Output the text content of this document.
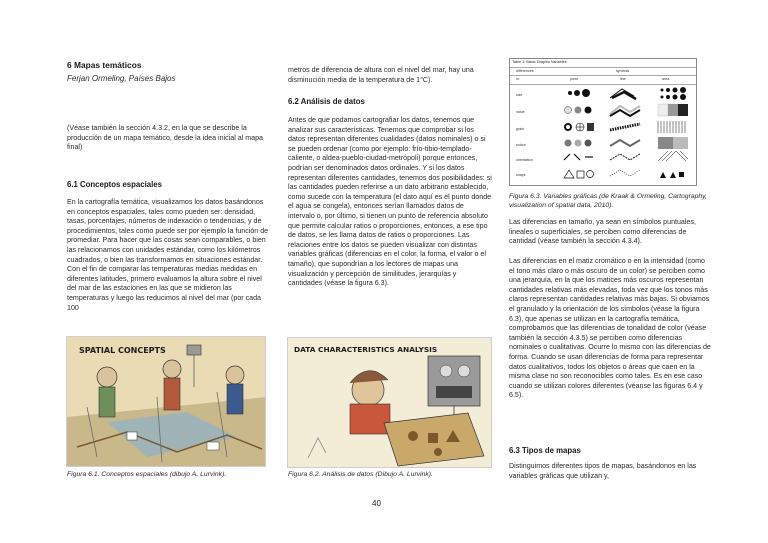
6 Mapas temáticos
Ferjan Ormeling, Países Bajos

(Véase también la sección 4.3.2, en la que se describe la producción de un mapa temático, desde la idea inicial al mapa final)

6.1 Conceptos espaciales

En la cartografía temática, visualizamos los datos basándonos en conceptos espaciales, tales como pueden ser: densidad, tasas, porcentajes, números de indexación o tendencias, y de procedimientos, tales como puede ser por ejemplo la función de promediar. Para hacer que las cosas sean comparables, o bien las relacionamos con unidades estándar, como los kilómetros cuadrados, o bien las transformamos en situaciones estándar. Con el fin de comparar las temperaturas medias medidas en diferentes latitudes, primero evaluamos la altura sobre el nivel del mar de las estaciones en las que se midieron las temperaturas y luego las reducimos al nivel del mar (por cada 100

SPATIAL CONCEPTS
Figura 6.1. Conceptos espaciales (dibujo A. Lurvink).

metros de diferencia de altura con el nivel del mar, hay una disminución media de la temperatura de 1°C).

6.2 Análisis de datos

Antes de que podamos cartografiar los datos, tenemos que analizar sus características. Tenemos que comprobar si los datos representan diferentes cualidades (datos nominales) o si se pueden ordenar (como por ejemplo: frío-tibio-templado-caliente, o aldea-pueblo-ciudad-metrópoli) porque entonces, podrían ser denominados datos ordinales. Y si los datos representan diferentes cantidades, tenemos dos posibilidades: si las cantidades pueden referirse a un dato arbitrario establecido, como sucede con la temperatura (el dato aquí es el punto donde el agua se congela), entonces serían llamados datos de intervalo o, por último, si tienen un punto de referencia absoluto que permite calcular ratios o proporciones, entonces, a ese tipo de datos, se les llama datos de ratios o proporciones. Las relaciones entre los datos se pueden visualizar con distintas variables gráficas (diferencias en el color, la forma, el valor o el tamaño), que supondrían a los lectores de mapas una visualización y percepción de similitudes, jerarquías y cantidades (véase la figura 6.3).

DATA CHARACTERISTICS ANALYSIS
Figura 6.2. Análisis de datos (Dibujo A. Lurvink).
Table 1: Basic Graphic Variables
differences	symbols
in:	point	line	area
size
value
grain
colour
orientation
shape
Figura 6.3. Variables gráficas (de Kraak & Ormeling, Cartography, visualization of spatial data, 2010).

Las diferencias en tamaño, ya sean en símbolos puntuales, lineales o superficiales, se perciben como diferencias de cantidad (véase también la sección 4.3.4).

Las diferencias en el matiz cromático o en la intensidad (como el tono más claro o más oscuro de un color) se perciben como una jerarquía, en la que los matices más oscuros representan cantidades relativas más elevadas, toda vez que los tonos más claros representan cantidades relativas más bajas. Si obviamos el granulado y la orientación de los símbolos (véase la figura 6.3), que apenas se utilizan en la cartografía temática, comprobamos que las diferencias de tonalidad de color (véase también la sección 4.3.5) se perciben como diferencias nominales o cualitativas. Ocurre lo mismo con las diferencias de forma. Cuando se usan diferencias de forma para representar datos cualitativos, todos los objetos o áreas que caen en la misma clase no son reconocibles como tales. Es en ese caso cuando se utilizan colores diferentes (véanse las figuras 6.4 y 6.5).

6.3 Tipos de mapas

Distinguimos diferentes tipos de mapas, basándonos en las variables gráficas que utilizan y,

40
